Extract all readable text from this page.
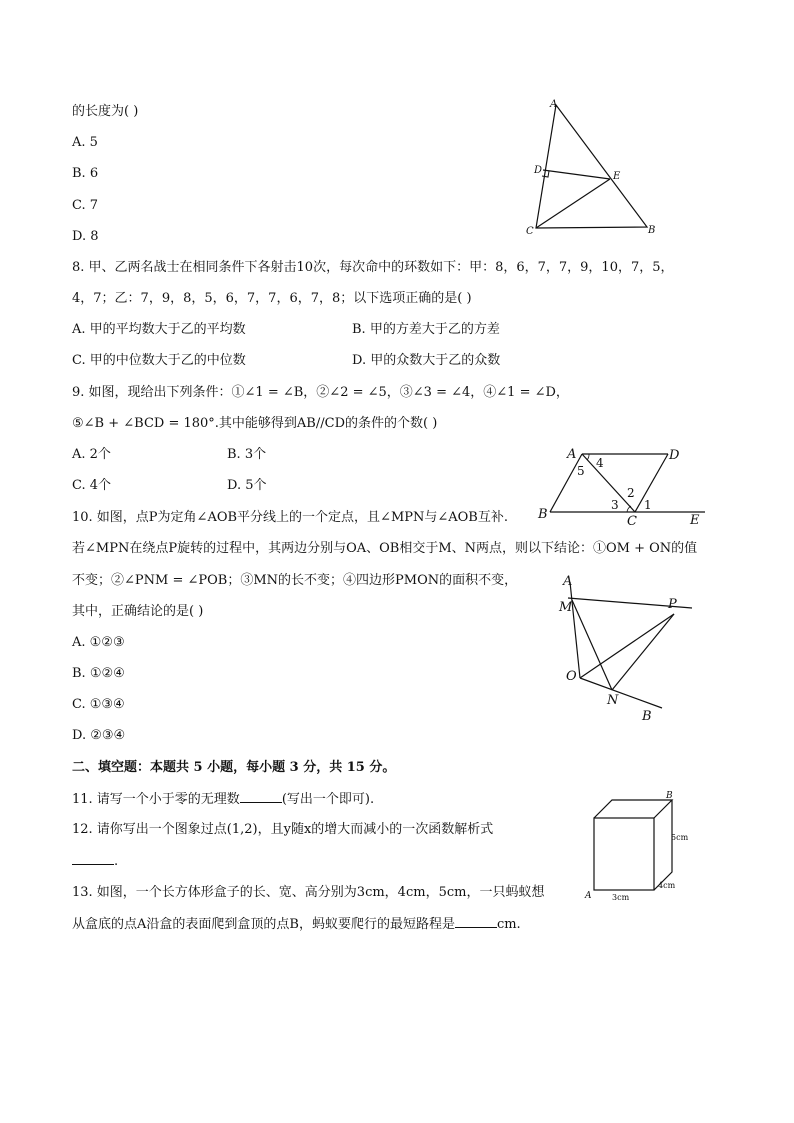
的长度为( )
A. 5
B. 6
C. 7
D. 8
A
D
E
C	B
8. 甲、乙两名战士在相同条件下各射击10次，每次命中的环数如下：甲：8，6，7，7，9，10，7，5，
4，7；乙：7，9，8，5，6，7，7，6，7，8；以下选项正确的是( )
A. 甲的平均数大于乙的平均数	B. 甲的方差大于乙的方差
C. 甲的中位数大于乙的中位数	D. 甲的众数大于乙的众数
9. 如图，现给出下列条件：①∠1 = ∠B，②∠2 = ∠5，③∠3 = ∠4，④∠1 = ∠D，
⑤∠B + ∠BCD = 180°.其中能够得到AB//CD的条件的个数( )
A. 2个	B. 3个
C. 4个	D. 5个
A	D
B	C	E
4
5
2
3 1
10. 如图，点P为定角∠AOB平分线上的一个定点，且∠MPN与∠AOB互补.
若∠MPN在绕点P旋转的过程中，其两边分别与OA、OB相交于M、N两点，则以下结论：①OM + ON的值
不变；②∠PNM = ∠POB；③MN的长不变；④四边形PMON的面积不变，
其中，正确结论的是( )
A. ①②③
B. ①②④
C. ①③④
D. ②③④
A
M	P
O
N
B
二、填空题：本题共 5 小题，每小题 3 分，共 15 分。
11. 请写一个小于零的无理数	(写出一个即可).
12. 请你写出一个图象过点(1,2)，且y随x的增大而减小的一次函数解析式
.
13. 如图，一个长方体形盒子的长、宽、高分别为3cm，4cm，5cm，一只蚂蚁想
从盒底的点A沿盒的表面爬到盒顶的点B，蚂蚁要爬行的最短路程是	cm.
B
A
5cm
4cm
3cm
